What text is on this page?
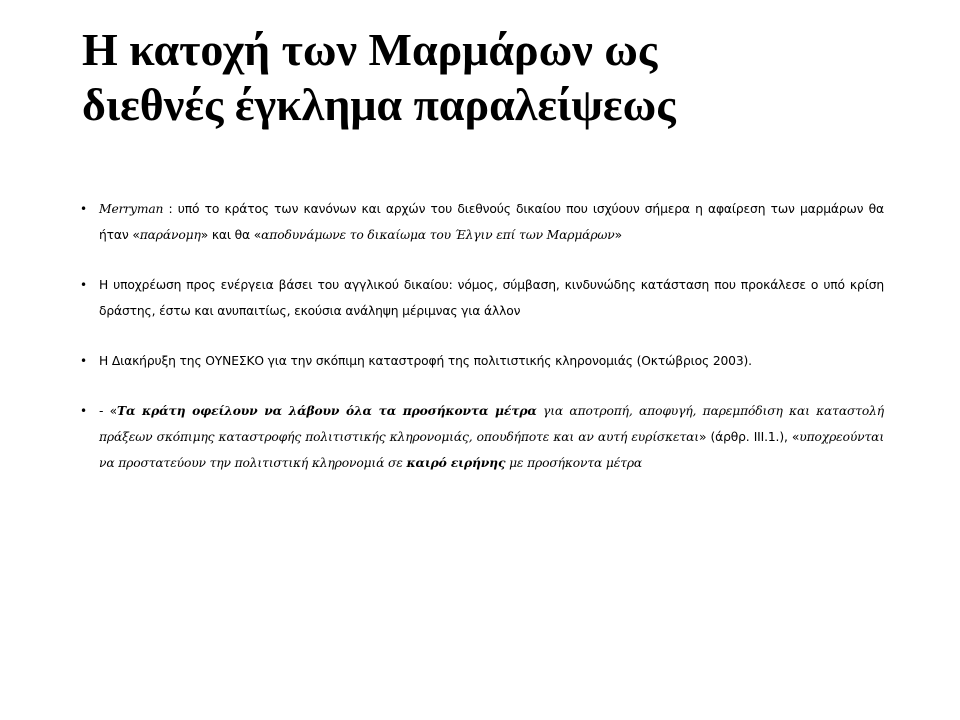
Η κατοχή των Μαρμάρων ως
διεθνές έγκλημα παραλείψεως
• Merryman : υπό το κράτος των κανόνων και αρχών του διεθνούς δικαίου που ισχύουν σήμερα η αφαίρεση των μαρμάρων θα ήταν «παράνομη» και θα «αποδυνάμωνε το δικαίωμα του Έλγιν επί των Μαρμάρων»
• Η υποχρέωση προς ενέργεια βάσει του αγγλικού δικαίου: νόμος, σύμβαση, κινδυνώδης κατάσταση που προκάλεσε ο υπό κρίση δράστης, έστω και ανυπαιτίως, εκούσια ανάληψη μέριμνας για άλλον
• Η Διακήρυξη της ΟΥΝΕΣΚΟ για την σκόπιμη καταστροφή της πολιτιστικής κληρονομιάς (Οκτώβριος 2003).
• - «Τα κράτη οφείλουν να λάβουν όλα τα προσήκοντα μέτρα για αποτροπή, αποφυγή, παρεμπόδιση και καταστολή πράξεων σκόπιμης καταστροφής πολιτιστικής κληρονομιάς, οπουδήποτε και αν αυτή ευρίσκεται» (άρθρ. ΙΙΙ.1.), «υποχρεούνται να προστατεύουν την πολιτιστική κληρονομιά σε καιρό ειρήνης με προσήκοντα μέτρα
